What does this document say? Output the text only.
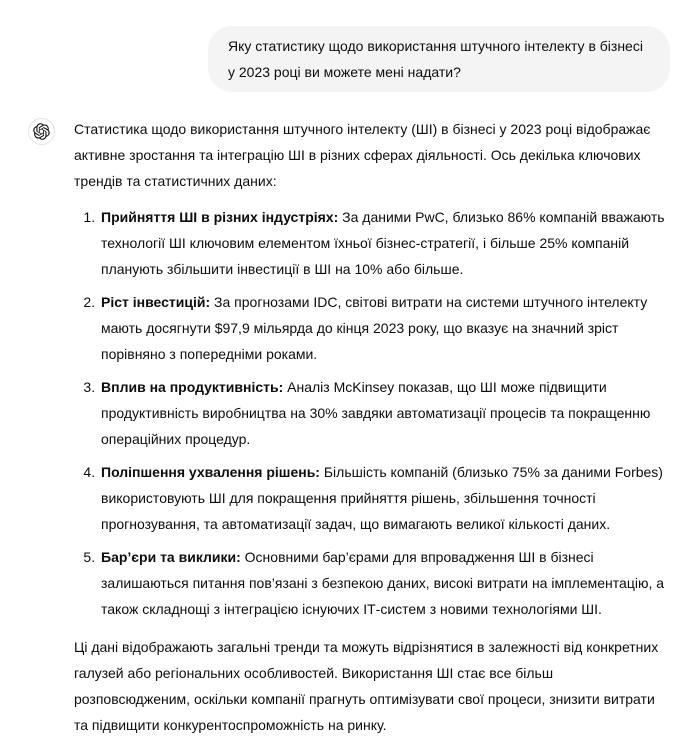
Яку статистику щодо використання штучного інтелекту в бізнесі у 2023 році ви можете мені надати?

Статистика щодо використання штучного інтелекту (ШІ) в бізнесі у 2023 році відображає активне зростання та інтеграцію ШІ в різних сферах діяльності. Ось декілька ключових трендів та статистичних даних:

1. Прийняття ШІ в різних індустріях: За даними PwC, близько 86% компаній вважають технології ШІ ключовим елементом їхньої бізнес-стратегії, і більше 25% компаній планують збільшити інвестиції в ШІ на 10% або більше.
2. Ріст інвестицій: За прогнозами IDC, світові витрати на системи штучного інтелекту мають досягнути $97,9 мільярда до кінця 2023 року, що вказує на значний зріст порівняно з попередніми роками.
3. Вплив на продуктивність: Аналіз McKinsey показав, що ШІ може підвищити продуктивність виробництва на 30% завдяки автоматизації процесів та покращенню операційних процедур.
4. Поліпшення ухвалення рішень: Більшість компаній (близько 75% за даними Forbes) використовують ШІ для покращення прийняття рішень, збільшення точності прогнозування, та автоматизації задач, що вимагають великої кількості даних.
5. Бар’єри та виклики: Основними бар’єрами для впровадження ШІ в бізнесі залишаються питання пов’язані з безпекою даних, високі витрати на імплементацію, а також складнощі з інтеграцією існуючих ІТ-систем з новими технологіями ШІ.

Ці дані відображають загальні тренди та можуть відрізнятися в залежності від конкретних галузей або регіональних особливостей. Використання ШІ стає все більш розповсюдженим, оскільки компанії прагнуть оптимізувати свої процеси, знизити витрати та підвищити конкурентоспроможність на ринку.
